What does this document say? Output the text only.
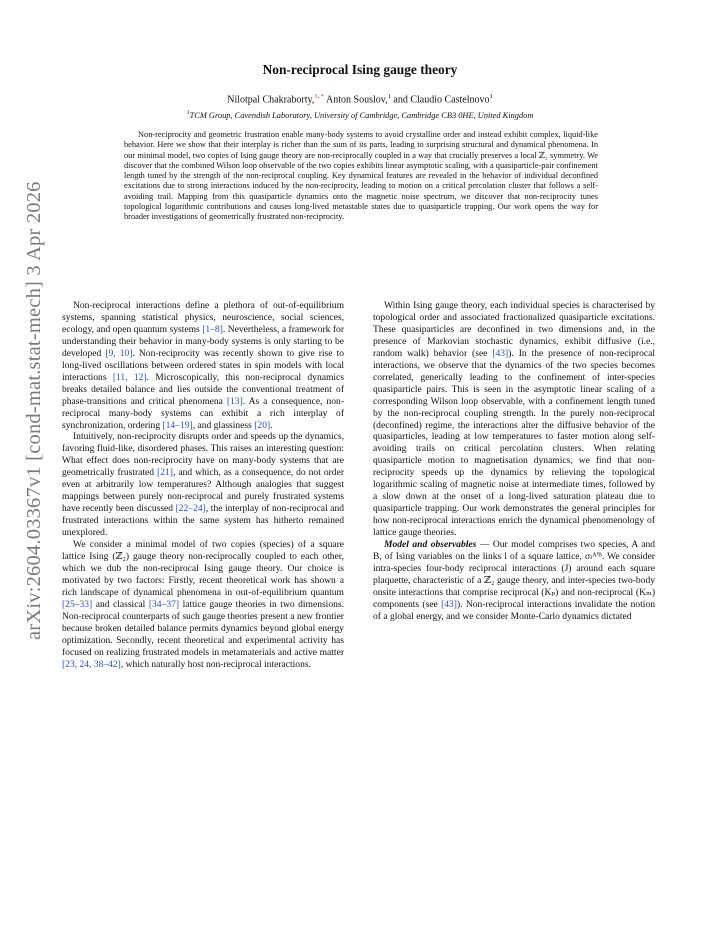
arXiv:2604.03367v1 [cond-mat.stat-mech] 3 Apr 2026
Non-reciprocal Ising gauge theory
Nilotpal Chakraborty,$^{1, *}$ Anton Souslov,$^1$ and Claudio Castelnovo$^1$
$^1$TCM Group, Cavendish Laboratory, University of Cambridge, Cambridge CB3 0HE, United Kingdom

Non-reciprocity and geometric frustration enable many-body systems to avoid crystalline order and instead exhibit complex, liquid-like behavior. Here we show that their interplay is richer than the sum of its parts, leading to surprising structural and dynamical phenomena. In our minimal model, two copies of Ising gauge theory are non-reciprocally coupled in a way that crucially preserves a local ℤ₂ symmetry. We discover that the combined Wilson loop observable of the two copies exhibits linear asymptotic scaling, with a quasiparticle-pair confinement length tuned by the strength of the non-reciprocal coupling. Key dynamical features are revealed in the behavior of individual deconfined excitations due to strong interactions induced by the non-reciprocity, leading to motion on a critical percolation cluster that follows a self-avoiding trail. Mapping from this quasiparticle dynamics onto the magnetic noise spectrum, we discover that non-reciprocity tunes topological logarithmic contributions and causes long-lived metastable states due to quasiparticle trapping. Our work opens the way for broader investigations of geometrically frustrated non-reciprocity.

Non-reciprocal interactions define a plethora of out-of-equilibrium systems, spanning statistical physics, neuroscience, social sciences, ecology, and open quantum systems [1–8]. Nevertheless, a framework for understanding their behavior in many-body systems is only starting to be developed [9, 10]. Non-reciprocity was recently shown to give rise to long-lived oscillations between ordered states in spin models with local interactions [11, 12]. Microscopically, this non-reciprocal dynamics breaks detailed balance and lies outside the conventional treatment of phase-transitions and critical phenomena [13]. As a consequence, non-reciprocal many-body systems can exhibit a rich interplay of synchronization, ordering [14–19], and glassiness [20].

Intuitively, non-reciprocity disrupts order and speeds up the dynamics, favoring fluid-like, disordered phases. This raises an interesting question: What effect does non-reciprocity have on many-body systems that are geometrically frustrated [21], and which, as a consequence, do not order even at arbitrarily low temperatures? Although analogies that suggest mappings between purely non-reciprocal and purely frustrated systems have recently been discussed [22–24], the interplay of non-reciprocal and frustrated interactions within the same system has hitherto remained unexplored.

We consider a minimal model of two copies (species) of a square lattice Ising (ℤ₂) gauge theory non-reciprocally coupled to each other, which we dub the non-reciprocal Ising gauge theory. Our choice is motivated by two factors: Firstly, recent theoretical work has shown a rich landscape of dynamical phenomena in out-of-equilibrium quantum [25–33] and classical [34–37] lattice gauge theories in two dimensions. Non-reciprocal counterparts of such gauge theories present a new frontier because broken detailed balance permits dynamics beyond global energy optimization. Secondly, recent theoretical and experimental activity has focused on realizing frustrated models in metamaterials and active matter [23, 24, 38–42], which naturally host non-reciprocal interactions.

Within Ising gauge theory, each individual species is characterised by topological order and associated fractionalized quasiparticle excitations. These quasiparticles are deconfined in two dimensions and, in the presence of Markovian stochastic dynamics, exhibit diffusive (i.e., random walk) behavior (see [43]). In the presence of non-reciprocal interactions, we observe that the dynamics of the two species becomes correlated, generically leading to the confinement of inter-species quasiparticle pairs. This is seen in the asymptotic linear scaling of a corresponding Wilson loop observable, with a confinement length tuned by the non-reciprocal coupling strength. In the purely non-reciprocal (deconfined) regime, the interactions alter the diffusive behavior of the quasiparticles, leading at low temperatures to faster motion along self-avoiding trails on critical percolation clusters. When relating quasiparticle motion to magnetisation dynamics, we find that non-reciprocity speeds up the dynamics by relieving the topological logarithmic scaling of magnetic noise at intermediate times, followed by a slow down at the onset of a long-lived saturation plateau due to quasiparticle trapping. Our work demonstrates the general principles for how non-reciprocal interactions enrich the dynamical phenomenology of lattice gauge theories.

Model and observables — Our model comprises two species, A and B, of Ising variables on the links l of a square lattice, σₗᴬ'ᴮ. We consider intra-species four-body reciprocal interactions (J) around each square plaquette, characteristic of a ℤ₂ gauge theory, and inter-species two-body onsite interactions that comprise reciprocal (Kₚ) and non-reciprocal (Kₘ) components (see [43]). Non-reciprocal interactions invalidate the notion of a global energy, and we consider Monte-Carlo dynamics dictated
